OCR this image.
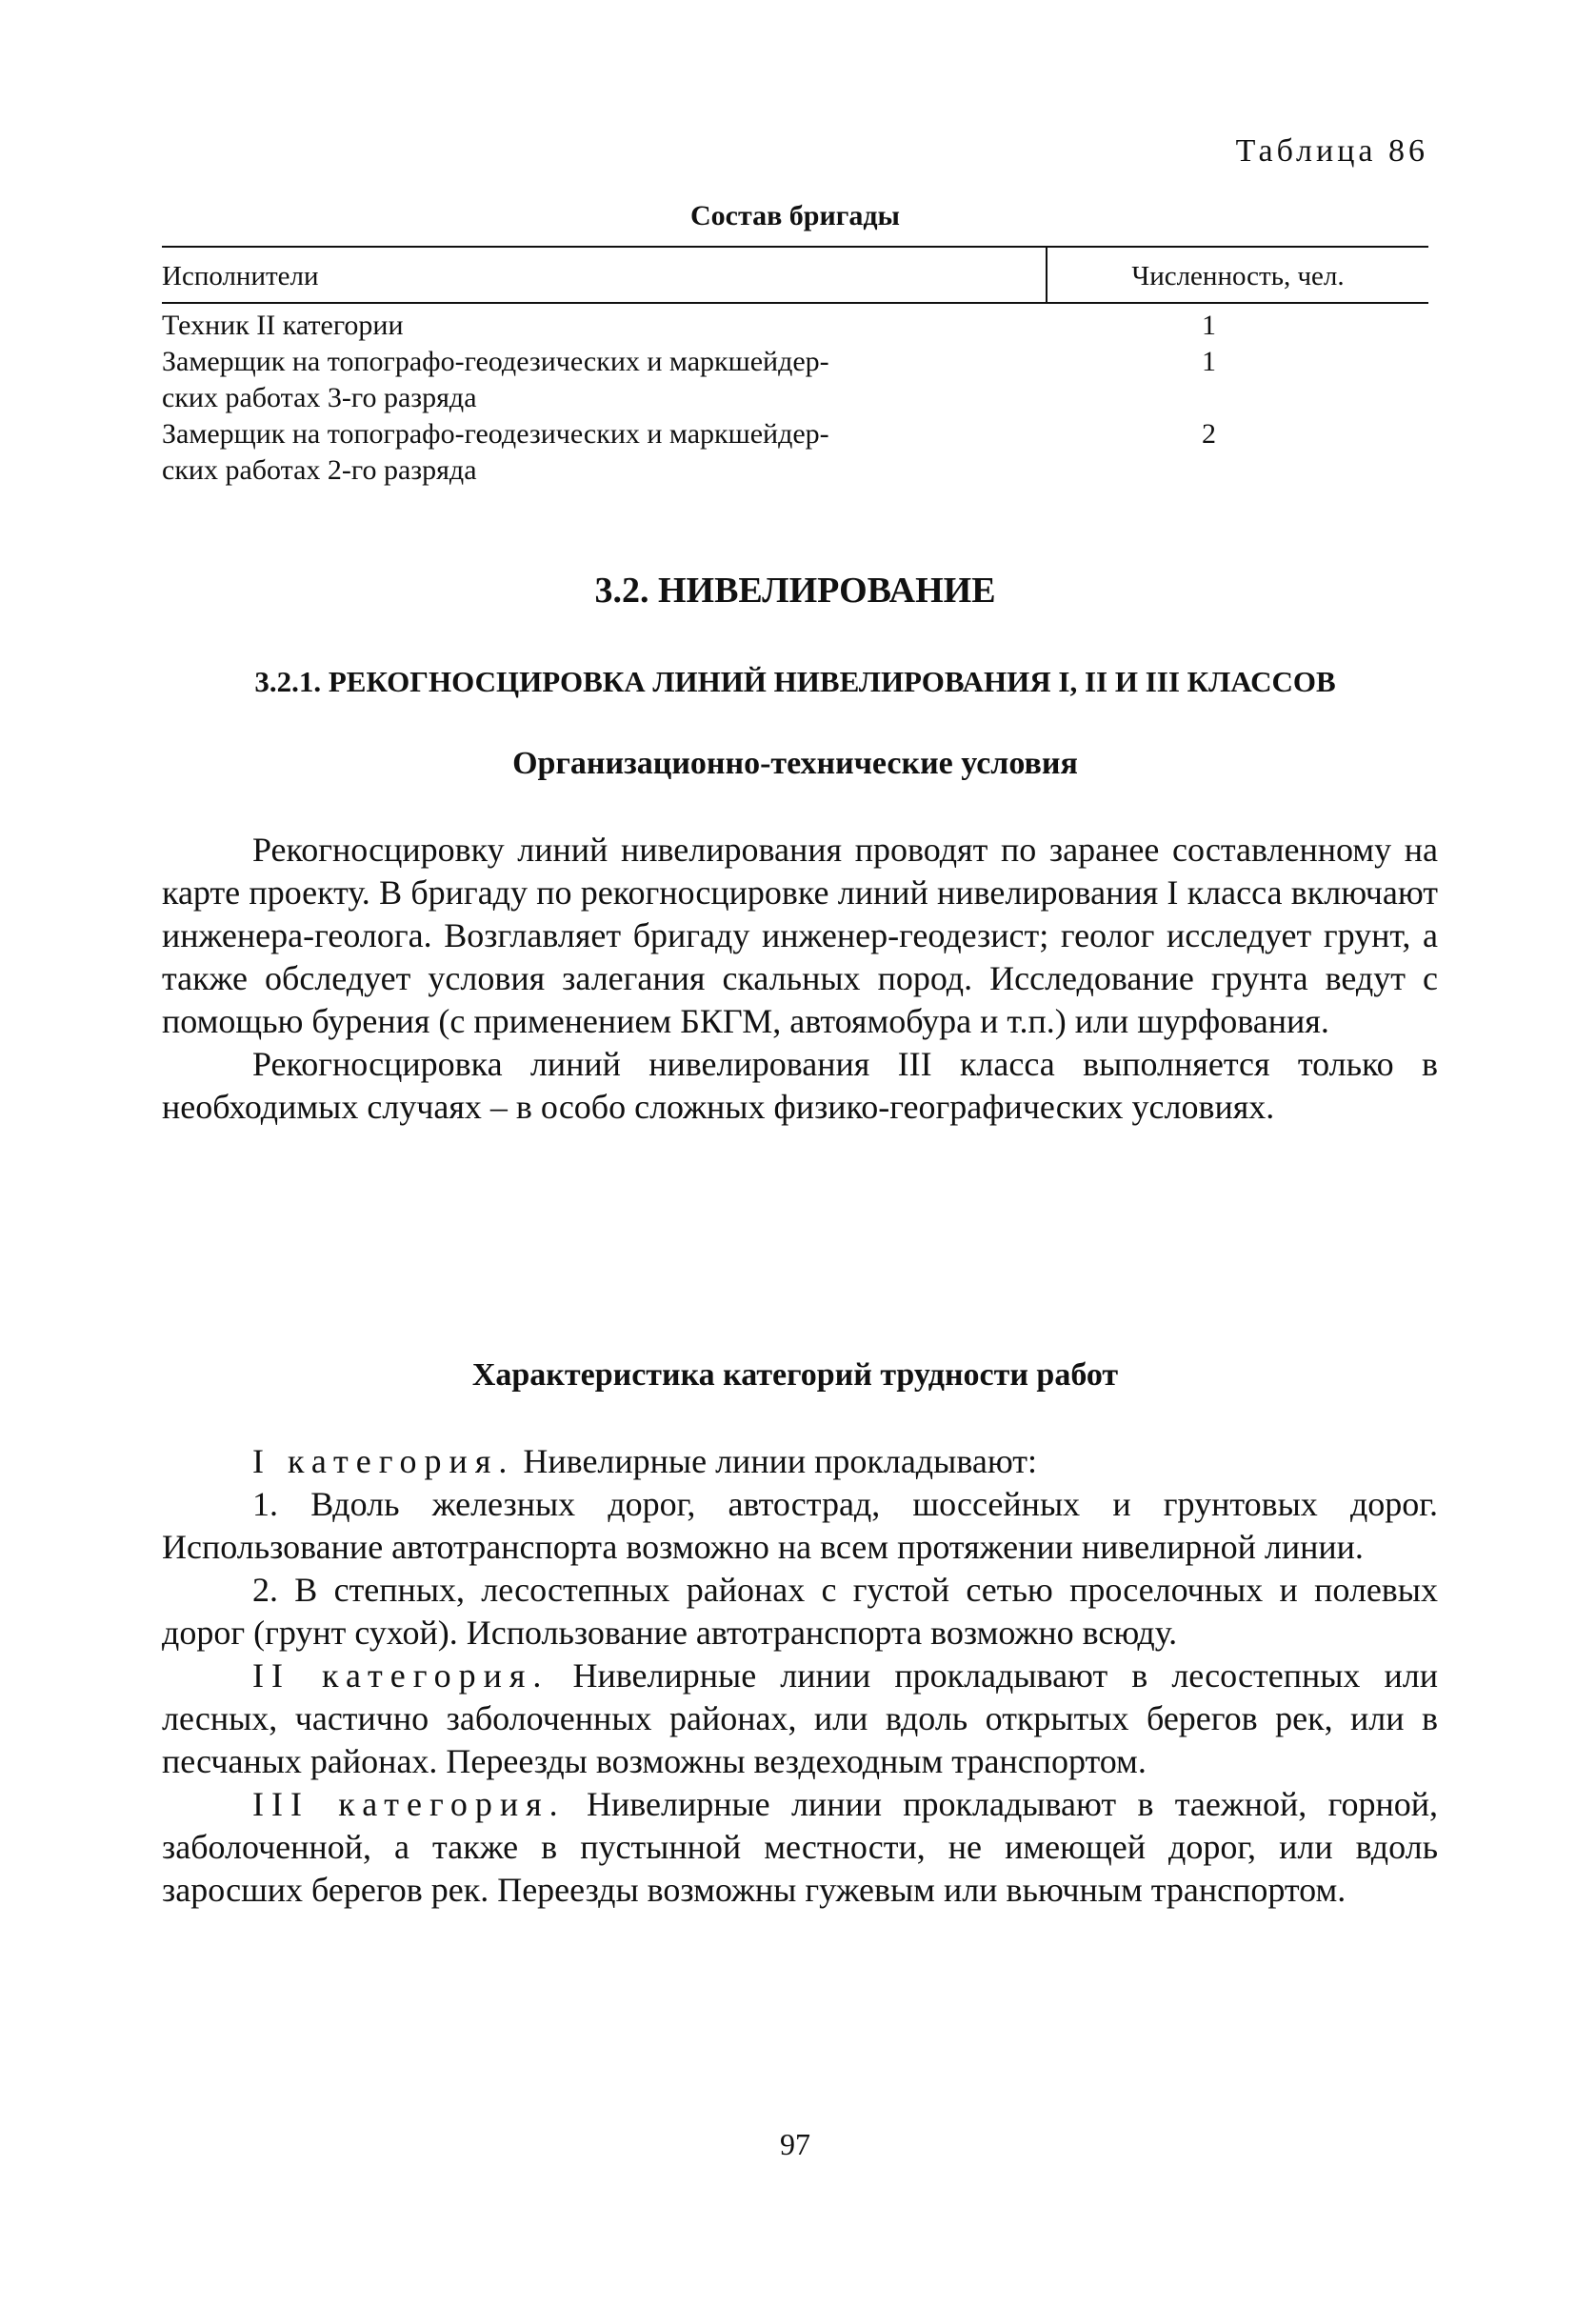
Таблица 86
Состав бригады
Исполнители	Численность, чел.

Техник II категории	1

Замерщик на топографо-геодезических и маркшейдер-
ских работах 3-го разряда	1

Замерщик на топографо-геодезических и маркшейдер-
ских работах 2-го разряда	2
3.2. НИВЕЛИРОВАНИЕ
3.2.1. РЕКОГНОСЦИРОВКА ЛИНИЙ НИВЕЛИРОВАНИЯ I, II И III КЛАССОВ
Организационно-технические условия

Рекогносцировку линий нивелирования проводят по заранее составленному на карте проекту. В бригаду по рекогносцировке линий нивелирования I класса включают инженера-геолога. Возглавляет бригаду инженер-геодезист; геолог исследует грунт, а также обследует условия залегания скальных пород. Исследование грунта ведут с помощью бурения (с применением БКГМ, автоямобура и т.п.) или шурфования.

Рекогносцировка линий нивелирования III класса выполняется только в необходимых случаях – в особо сложных физико-географических условиях.

Характеристика категорий трудности работ

I категория. Нивелирные линии прокладывают:

1. Вдоль железных дорог, автострад, шоссейных и грунтовых дорог. Использование автотранспорта возможно на всем протяжении нивелирной линии.

2. В степных, лесостепных районах с густой сетью проселочных и полевых дорог (грунт сухой). Использование автотранспорта возможно всюду.

II категория. Нивелирные линии прокладывают в лесостепных или лесных, частично заболоченных районах, или вдоль открытых берегов рек, или в песчаных районах. Переезды возможны вездеходным транспортом.

III категория. Нивелирные линии прокладывают в таежной, горной, заболоченной, а также в пустынной местности, не имеющей дорог, или вдоль заросших берегов рек. Переезды возможны гужевым или вьючным транспортом.

97
